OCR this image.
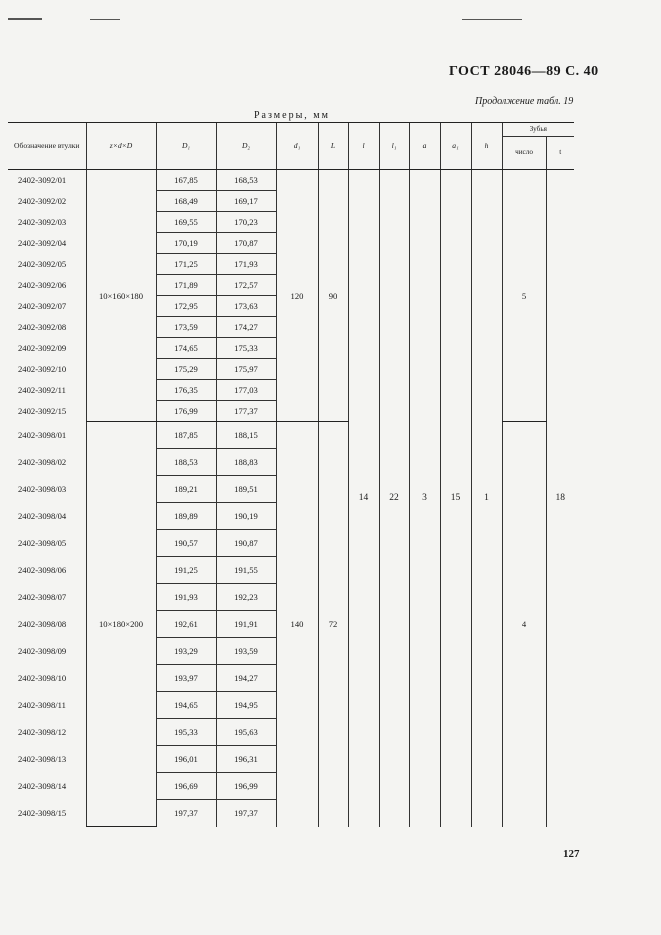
ГОСТ 28046—89 С. 40
Продолжение табл. 19
Размеры, мм
Обозначение втулки	z×d×D	D₁	D₂	d₁	L	l	l₁	a	a₁	h	Зубья	
											число	t
2402-3092/01	10×160×180	167,85	168,53	120	90	14	22	3	15	1	5	18
2402-3092/02		168,49	169,17									
2402-3092/03		169,55	170,23									
2402-3092/04		170,19	170,87									
2402-3092/05		171,25	171,93									
2402-3092/06		171,89	172,57									
2402-3092/07		172,95	173,63									
2402-3092/08		173,59	174,27									
2402-3092/09		174,65	175,33									
2402-3092/10		175,29	175,97									
2402-3092/11		176,35	177,03									
2402-3092/15		176,99	177,37									
2402-3098/01	10×180×200	187,85	188,15	140	72						4	
2402-3098/02		188,53	188,83									
2402-3098/03		189,21	189,51									
2402-3098/04		189,89	190,19									
2402-3098/05		190,57	190,87									
2402-3098/06		191,25	191,55									
2402-3098/07		191,93	192,23									
2402-3098/08		192,61	191,91									
2402-3098/09		193,29	193,59									
2402-3098/10		193,97	194,27									
2402-3098/11		194,65	194,95									
2402-3098/12		195,33	195,63									
2402-3098/13		196,01	196,31									
2402-3098/14		196,69	196,99									
2402-3098/15		197,37	197,37									
127
